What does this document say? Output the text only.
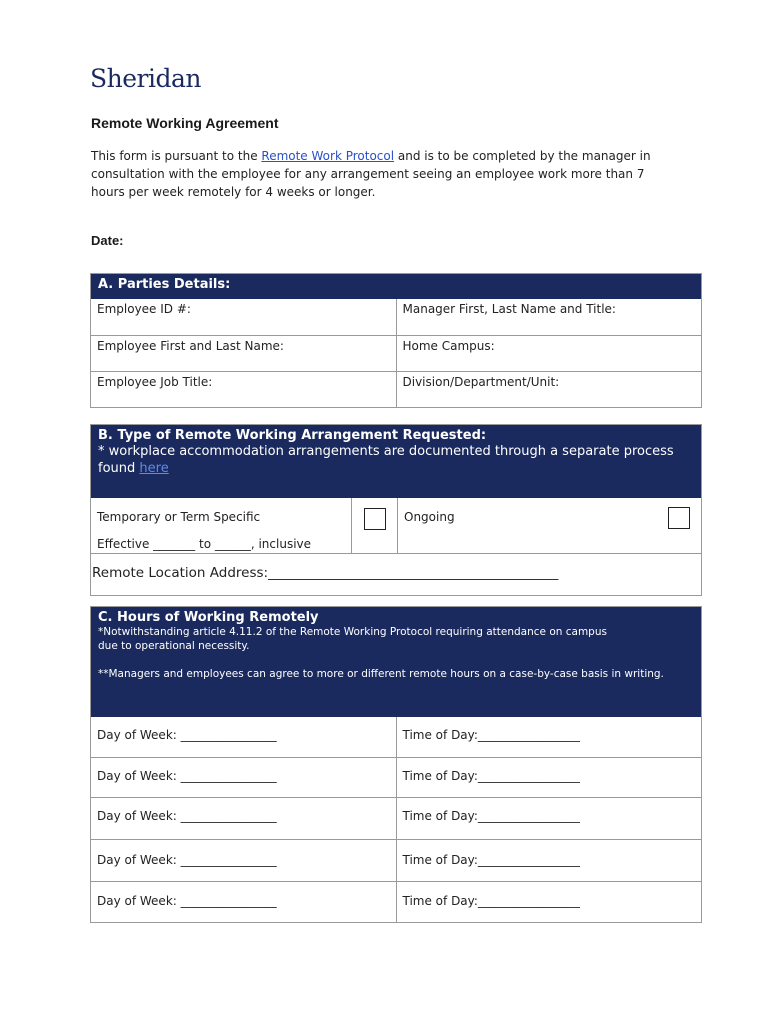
Sheridan
Remote Working Agreement
This form is pursuant to the Remote Work Protocol and is to be completed by the manager in consultation with the employee for any arrangement seeing an employee work more than 7 hours per week remotely for 4 weeks or longer.
Date:
A. Parties Details:
Employee ID #:	Manager First, Last Name and Title:
Employee First and Last Name:	Home Campus:
Employee Job Title:	Division/Department/Unit:
B. Type of Remote Working Arrangement Requested:
* workplace accommodation arrangements are documented through a separate process found here
Temporary or Term Specific
Effective _______ to ______, inclusive
Ongoing
Remote Location Address:___________________________________________
C. Hours of Working Remotely
*Notwithstanding article 4.11.2 of the Remote Working Protocol requiring attendance on campus due to operational necessity.
**Managers and employees can agree to more or different remote hours on a case-by-case basis in writing.
Day of Week: ________________	Time of Day:_________________
Day of Week: ________________	Time of Day:_________________
Day of Week: ________________	Time of Day:_________________
Day of Week: ________________	Time of Day:_________________
Day of Week: ________________	Time of Day:_________________
